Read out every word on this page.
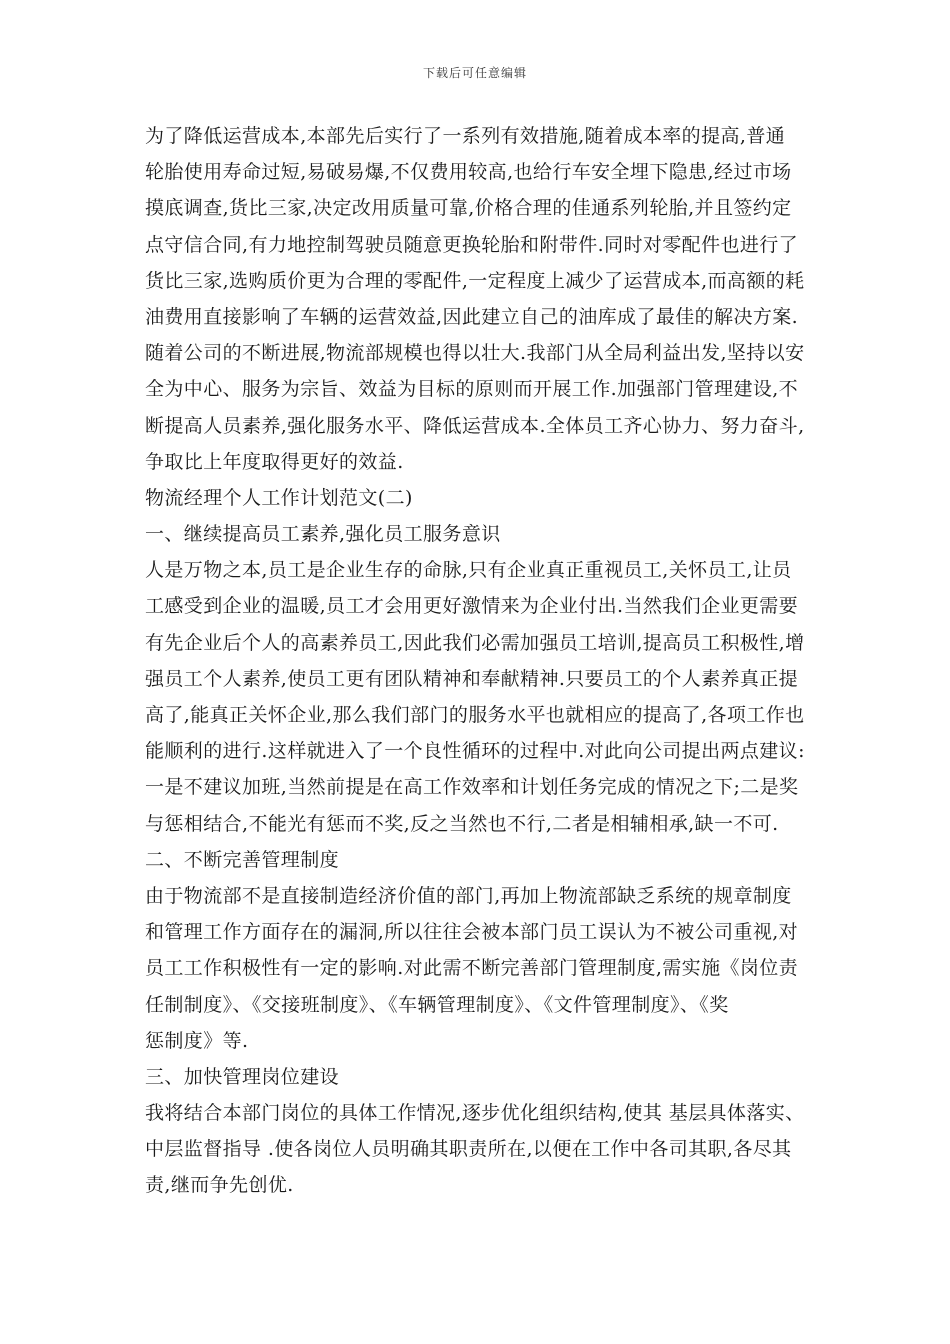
下载后可任意编辑
为了降低运营成本,本部先后实行了一系列有效措施,随着成本率的提高,普通
轮胎使用寿命过短,易破易爆,不仅费用较高,也给行车安全埋下隐患,经过市场
摸底调查,货比三家,决定改用质量可靠,价格合理的佳通系列轮胎,并且签约定
点守信合同,有力地控制驾驶员随意更换轮胎和附带件.同时对零配件也进行了
货比三家,选购质价更为合理的零配件,一定程度上减少了运营成本,而高额的耗
油费用直接影响了车辆的运营效益,因此建立自己的油库成了最佳的解决方案.
随着公司的不断进展,物流部规模也得以壮大.我部门从全局利益出发,坚持以安
全为中心、服务为宗旨、效益为目标的原则而开展工作.加强部门管理建设,不
断提高人员素养,强化服务水平、降低运营成本.全体员工齐心协力、努力奋斗,
争取比上年度取得更好的效益.
物流经理个人工作计划范文(二)
一、继续提高员工素养,强化员工服务意识
人是万物之本,员工是企业生存的命脉,只有企业真正重视员工,关怀员工,让员
工感受到企业的温暖,员工才会用更好激情来为企业付出.当然我们企业更需要
有先企业后个人的高素养员工,因此我们必需加强员工培训,提高员工积极性,增
强员工个人素养,使员工更有团队精神和奉献精神.只要员工的个人素养真正提
高了,能真正关怀企业,那么我们部门的服务水平也就相应的提高了,各项工作也
能顺利的进行.这样就进入了一个良性循环的过程中.对此向公司提出两点建议:
一是不建议加班,当然前提是在高工作效率和计划任务完成的情况之下;二是奖
与惩相结合,不能光有惩而不奖,反之当然也不行,二者是相辅相承,缺一不可.
二、不断完善管理制度
由于物流部不是直接制造经济价值的部门,再加上物流部缺乏系统的规章制度
和管理工作方面存在的漏洞,所以往往会被本部门员工误认为不被公司重视,对
员工工作积极性有一定的影响.对此需不断完善部门管理制度,需实施《岗位责
任制制度》、《交接班制度》、《车辆管理制度》、《文件管理制度》、《奖
惩制度》等.
三、加快管理岗位建设
我将结合本部门岗位的具体工作情况,逐步优化组织结构,使其 基层具体落实、
中层监督指导 .使各岗位人员明确其职责所在,以便在工作中各司其职,各尽其
责,继而争先创优.
